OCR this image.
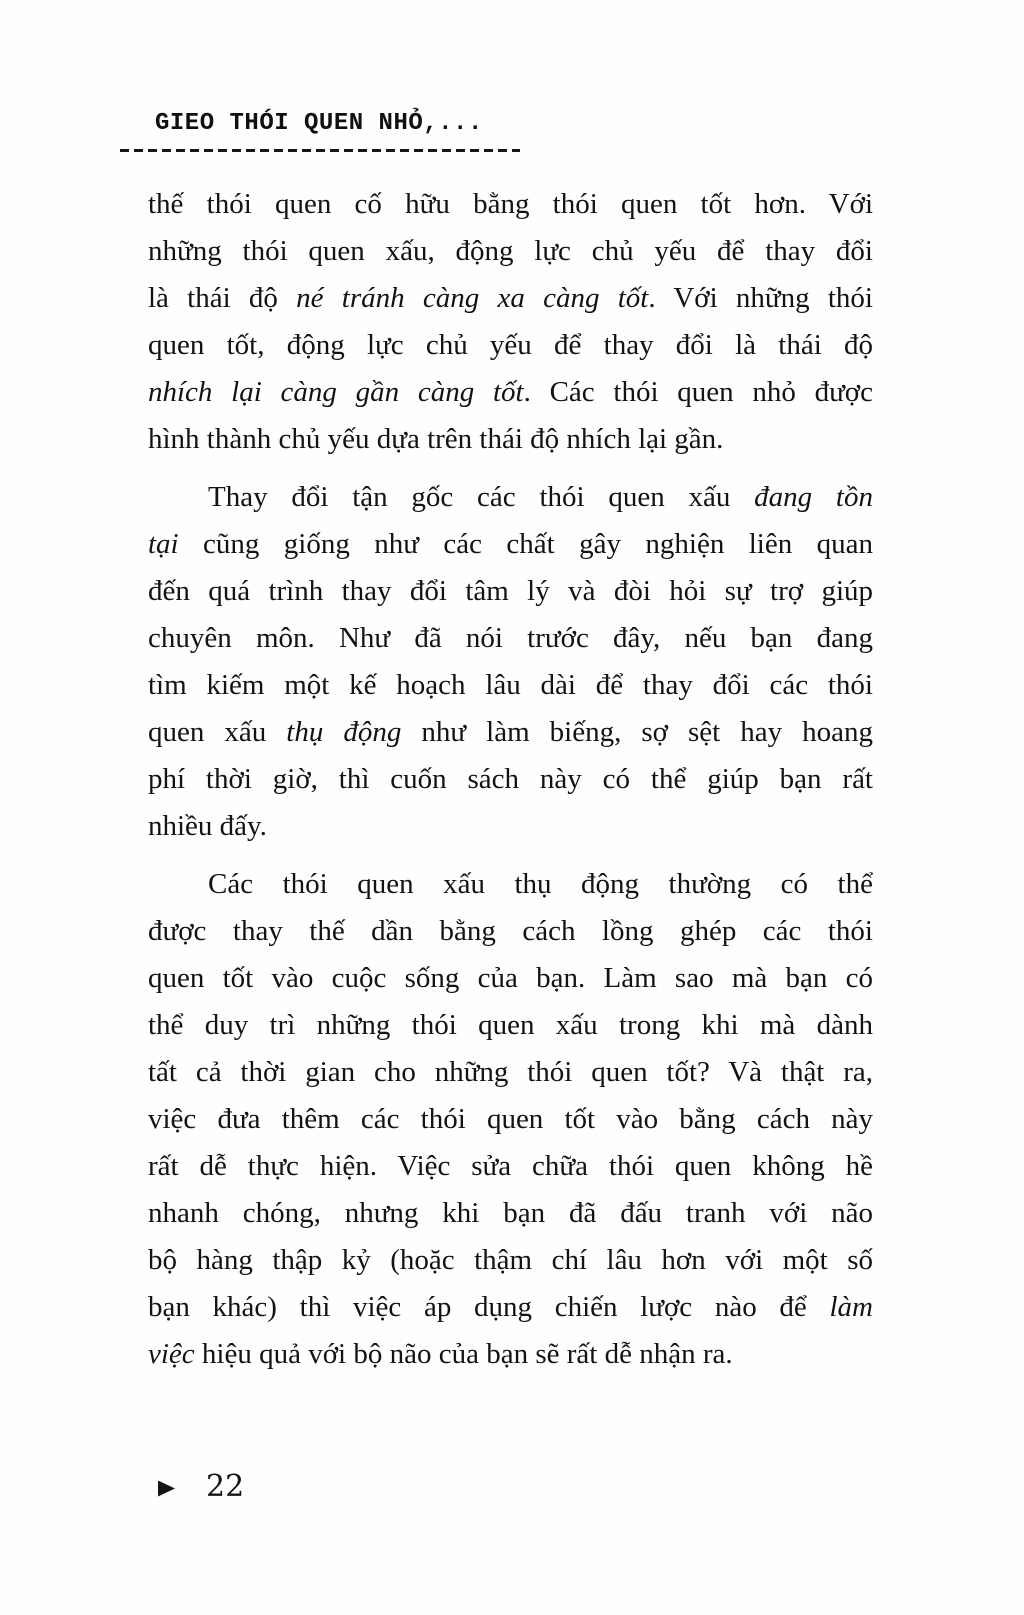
GIEO THÓI QUEN NHỎ,...
thế thói quen cố hữu bằng thói quen tốt hơn. Với
những thói quen xấu, động lực chủ yếu để thay đổi
là thái độ né tránh càng xa càng tốt. Với những thói
quen tốt, động lực chủ yếu để thay đổi là thái độ
nhích lại càng gần càng tốt. Các thói quen nhỏ được
hình thành chủ yếu dựa trên thái độ nhích lại gần.
Thay đổi tận gốc các thói quen xấu đang tồn
tại cũng giống như các chất gây nghiện liên quan
đến quá trình thay đổi tâm lý và đòi hỏi sự trợ giúp
chuyên môn. Như đã nói trước đây, nếu bạn đang
tìm kiếm một kế hoạch lâu dài để thay đổi các thói
quen xấu thụ động như làm biếng, sợ sệt hay hoang
phí thời giờ, thì cuốn sách này có thể giúp bạn rất
nhiều đấy.
Các thói quen xấu thụ động thường có thể
được thay thế dần bằng cách lồng ghép các thói
quen tốt vào cuộc sống của bạn. Làm sao mà bạn có
thể duy trì những thói quen xấu trong khi mà dành
tất cả thời gian cho những thói quen tốt? Và thật ra,
việc đưa thêm các thói quen tốt vào bằng cách này
rất dễ thực hiện. Việc sửa chữa thói quen không hề
nhanh chóng, nhưng khi bạn đã đấu tranh với não
bộ hàng thập kỷ (hoặc thậm chí lâu hơn với một số
bạn khác) thì việc áp dụng chiến lược nào để làm
việc hiệu quả với bộ não của bạn sẽ rất dễ nhận ra.
22
